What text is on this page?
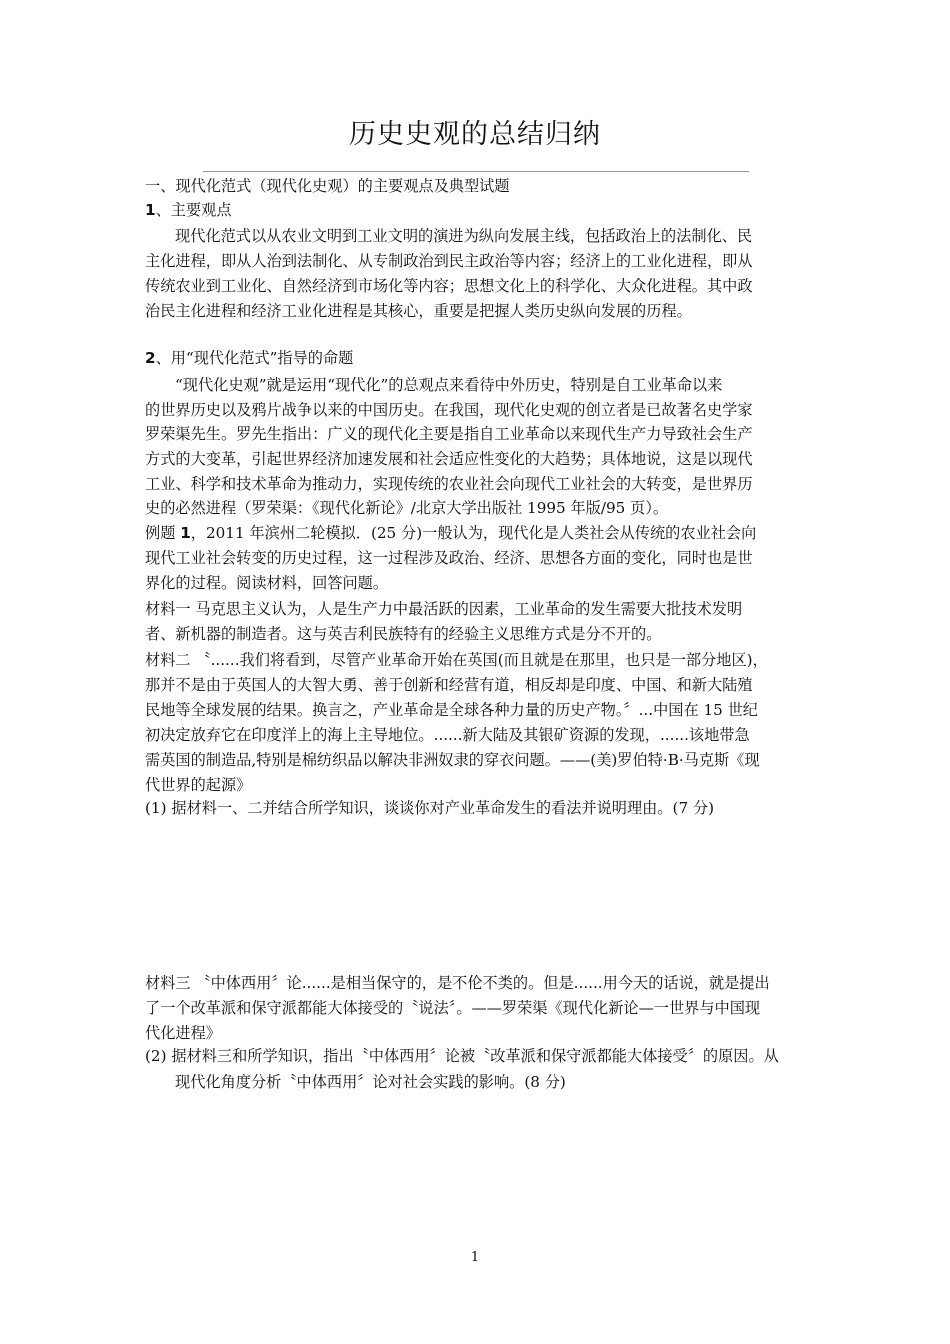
历史史观的总结归纳
一、现代化范式（现代化史观）的主要观点及典型试题
1、主要观点
现代化范式以从农业文明到工业文明的演进为纵向发展主线，包括政治上的法制化、民
主化进程，即从人治到法制化、从专制政治到民主政治等内容；经济上的工业化进程，即从
传统农业到工业化、自然经济到市场化等内容；思想文化上的科学化、大众化进程。其中政
治民主化进程和经济工业化进程是其核心，重要是把握人类历史纵向发展的历程。
2、用“现代化范式”指导的命题
“现代化史观”就是运用“现代化”的总观点来看待中外历史，特别是自工业革命以来
的世界历史以及鸦片战争以来的中国历史。在我国，现代化史观的创立者是已故著名史学家
罗荣渠先生。罗先生指出：广义的现代化主要是指自工业革命以来现代生产力导致社会生产
方式的大变革，引起世界经济加速发展和社会适应性变化的大趋势；具体地说，这是以现代
工业、科学和技术革命为推动力，实现传统的农业社会向现代工业社会的大转变，是世界历
史的必然进程（罗荣渠：《现代化新论》/北京大学出版社 1995 年版/95 页）。
例题 1，2011 年滨州二轮模拟．(25 分)一般认为，现代化是人类社会从传统的农业社会向
现代工业社会转变的历史过程，这一过程涉及政治、经济、思想各方面的变化，同时也是世
界化的过程。阅读材料，回答问题。
材料一 马克思主义认为，人是生产力中最活跃的因素，工业革命的发生需要大批技术发明
者、新机器的制造者。这与英吉利民族特有的经验主义思维方式是分不开的。
材料二 〝......我们将看到，尽管产业革命开始在英国(而且就是在那里，也只是一部分地区)，
那并不是由于英国人的大智大勇、善于创新和经营有道，相反却是印度、中国、和新大陆殖
民地等全球发展的结果。换言之，产业革命是全球各种力量的历史产物。〞...中国在 15 世纪
初决定放弃它在印度洋上的海上主导地位。......新大陆及其银矿资源的发现，......该地带急
需英国的制造品,特别是棉纺织品以解决非洲奴隶的穿衣问题。——(美)罗伯特·B·马克斯《现
代世界的起源》
(1) 据材料一、二并结合所学知识，谈谈你对产业革命发生的看法并说明理由。(7 分)
材料三 〝中体西用〞论......是相当保守的，是不伦不类的。但是......用今天的话说，就是提出
了一个改革派和保守派都能大体接受的〝说法〞。——罗荣渠《现代化新论—一世界与中国现
代化进程》
(2) 据材料三和所学知识，指出〝中体西用〞论被〝改革派和保守派都能大体接受〞的原因。从
现代化角度分析〝中体西用〞论对社会实践的影响。(8 分)
1
